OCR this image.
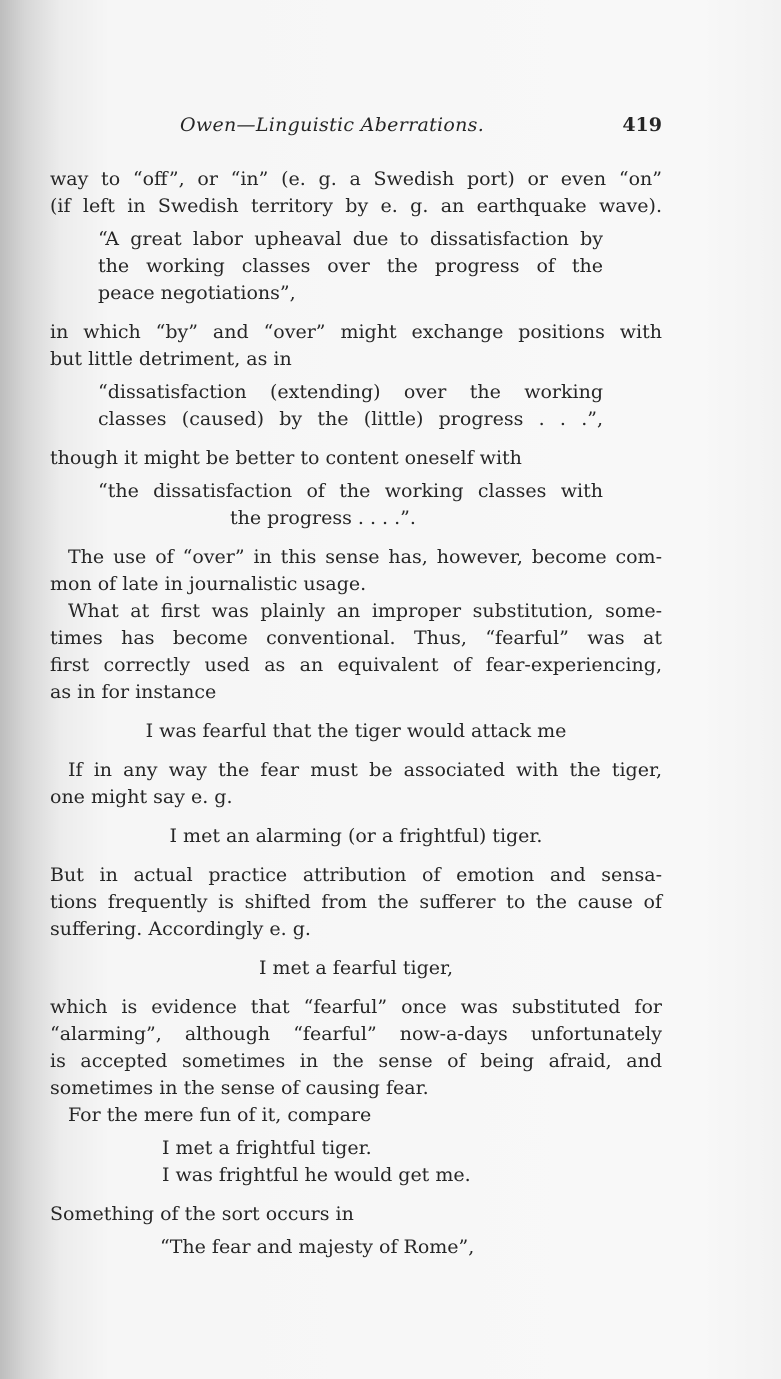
Owen—Linguistic Aberrations.	419
way to “off”, or “in” (e. g. a Swedish port) or even “on”
(if left in Swedish territory by e. g. an earthquake wave).
“A great labor upheaval due to dissatisfaction by
the working classes over the progress of the
peace negotiations”,
in which “by” and “over” might exchange positions with
but little detriment, as in
“dissatisfaction (extending) over the working
classes (caused) by the (little) progress . . .”,
though it might be better to content oneself with
“the dissatisfaction of the working classes with
the progress . . . .”.
The use of “over” in this sense has, however, become com-
mon of late in journalistic usage.
What at first was plainly an improper substitution, some-
times has become conventional. Thus, “fearful” was at
first correctly used as an equivalent of fear-experiencing,
as in for instance
I was fearful that the tiger would attack me
If in any way the fear must be associated with the tiger,
one might say e. g.
I met an alarming (or a frightful) tiger.
But in actual practice attribution of emotion and sensa-
tions frequently is shifted from the sufferer to the cause of
suffering. Accordingly e. g.
I met a fearful tiger,
which is evidence that “fearful” once was substituted for
“alarming”, although “fearful” now-a-days unfortunately
is accepted sometimes in the sense of being afraid, and
sometimes in the sense of causing fear.
For the mere fun of it, compare
I met a frightful tiger.
I was frightful he would get me.
Something of the sort occurs in
“The fear and majesty of Rome”,
